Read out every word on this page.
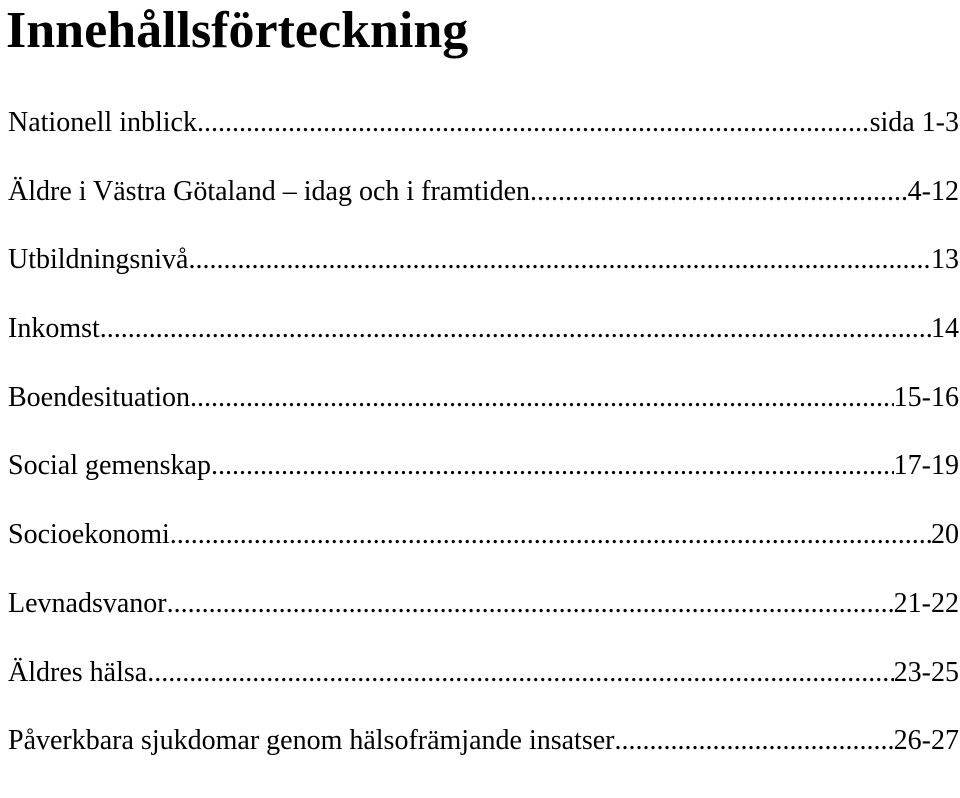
Innehållsförteckning
Nationell inblick .....	sida 1-3
Äldre i Västra Götaland – idag och i framtiden .....	4-12
Utbildningsnivå .....	13
Inkomst .....	14
Boendesituation .....	15-16
Social gemenskap .....	17-19
Socioekonomi .....	20
Levnadsvanor .....	21-22
Äldres hälsa .....	23-25
Påverkbara sjukdomar genom hälsofrämjande insatser .....	26-27
